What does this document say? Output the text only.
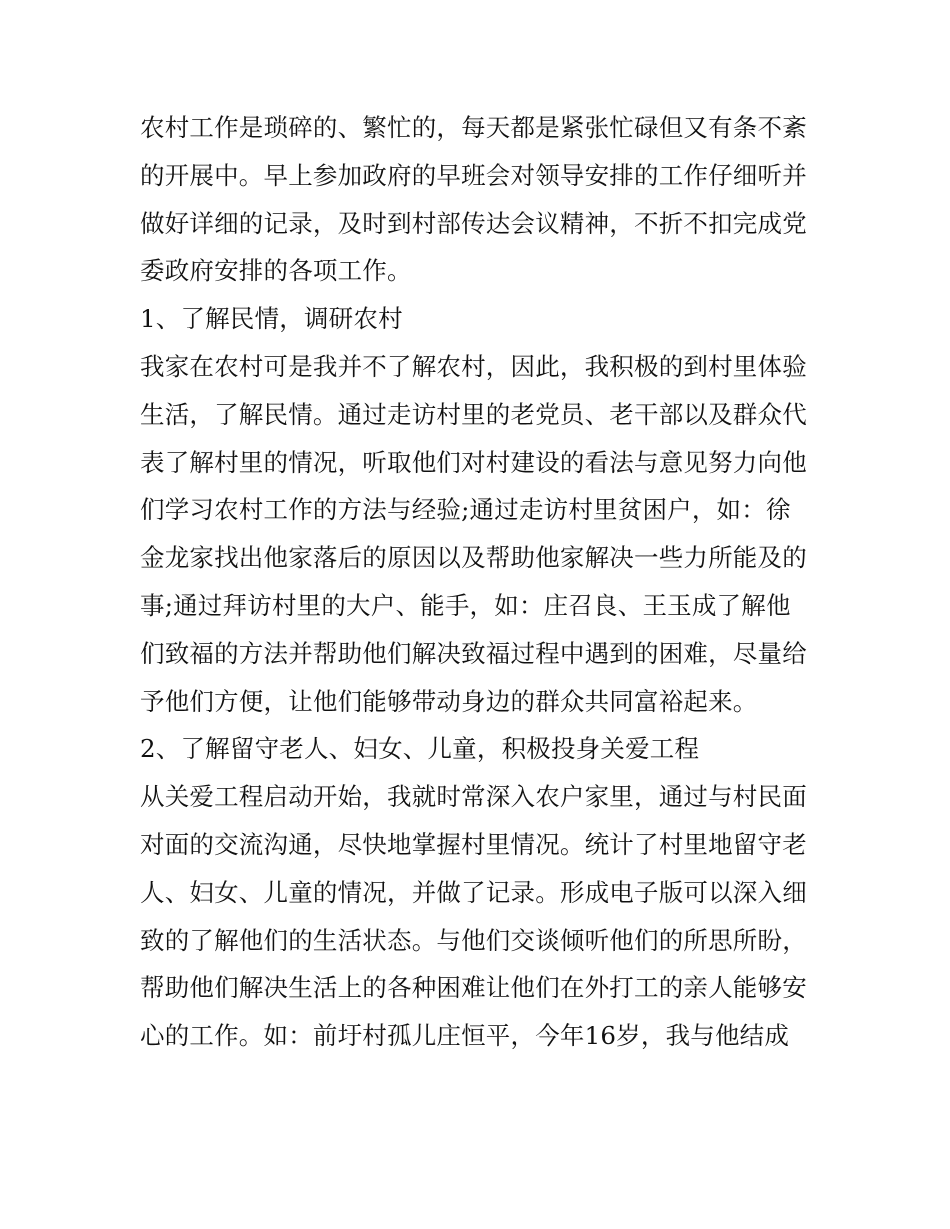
农村工作是琐碎的、繁忙的，每天都是紧张忙碌但又有条不紊
的开展中。早上参加政府的早班会对领导安排的工作仔细听并
做好详细的记录，及时到村部传达会议精神，不折不扣完成党
委政府安排的各项工作。
1、了解民情，调研农村
我家在农村可是我并不了解农村，因此，我积极的到村里体验
生活，了解民情。通过走访村里的老党员、老干部以及群众代
表了解村里的情况，听取他们对村建设的看法与意见努力向他
们学习农村工作的方法与经验;通过走访村里贫困户，如：徐
金龙家找出他家落后的原因以及帮助他家解决一些力所能及的
事;通过拜访村里的大户、能手，如：庄召良、王玉成了解他
们致福的方法并帮助他们解决致福过程中遇到的困难，尽量给
予他们方便，让他们能够带动身边的群众共同富裕起来。
2、了解留守老人、妇女、儿童，积极投身关爱工程
从关爱工程启动开始，我就时常深入农户家里，通过与村民面
对面的交流沟通，尽快地掌握村里情况。统计了村里地留守老
人、妇女、儿童的情况，并做了记录。形成电子版可以深入细
致的了解他们的生活状态。与他们交谈倾听他们的所思所盼，
帮助他们解决生活上的各种困难让他们在外打工的亲人能够安
心的工作。如：前圩村孤儿庄恒平，今年16岁，我与他结成
